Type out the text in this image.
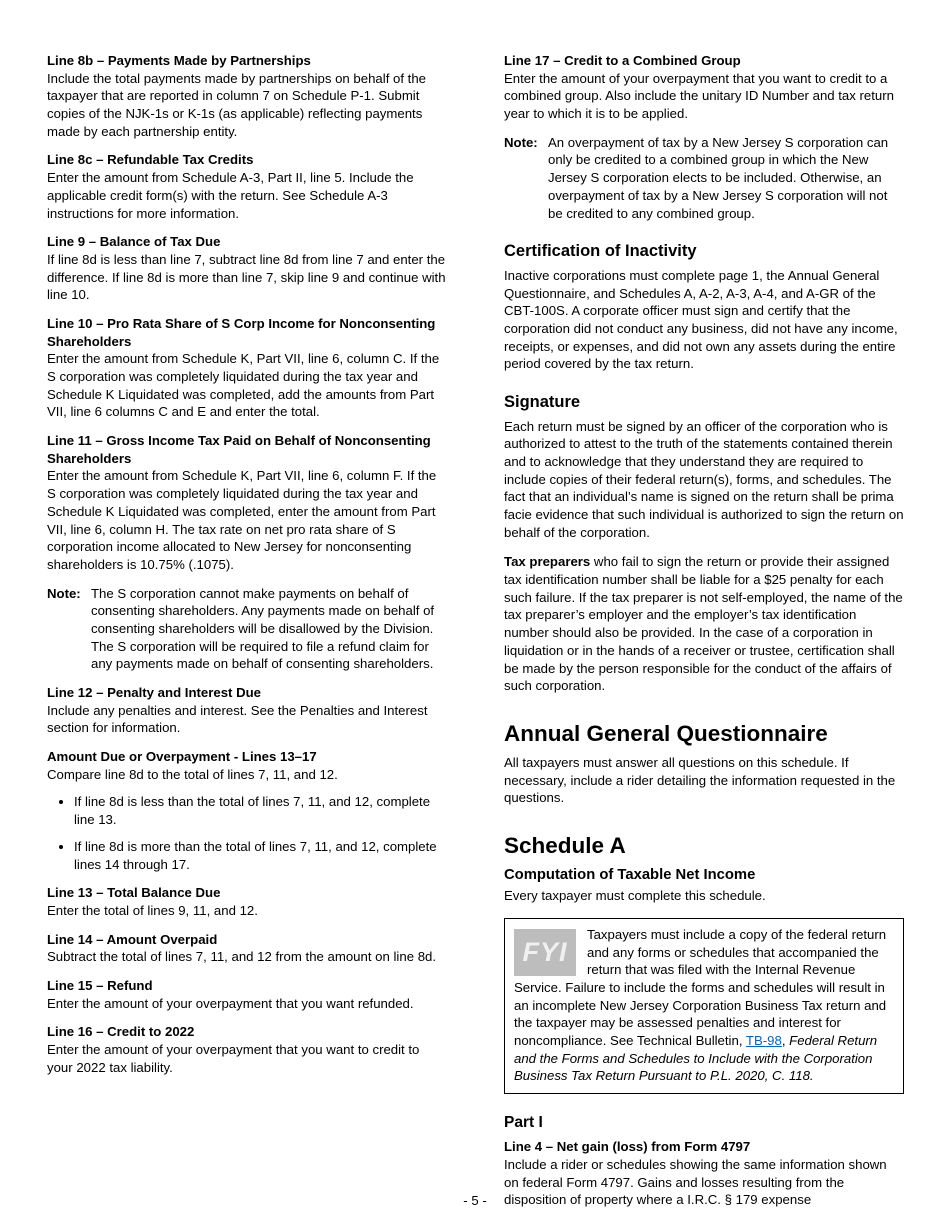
Line 8b – Payments Made by Partnerships

Include the total payments made by partnerships on behalf of the taxpayer that are reported in column 7 on Schedule P-1. Submit copies of the NJK-1s or K-1s (as applicable) reflecting payments made by each partnership entity.

Line 8c – Refundable Tax Credits

Enter the amount from Schedule A-3, Part II, line 5. Include the applicable credit form(s) with the return. See Schedule A-3 instructions for more information.

Line 9 – Balance of Tax Due

If line 8d is less than line 7, subtract line 8d from line 7 and enter the difference. If line 8d is more than line 7, skip line 9 and continue with line 10.

Line 10 – Pro Rata Share of S Corp Income for Nonconsenting Shareholders

Enter the amount from Schedule K, Part VII, line 6, column C. If the S corporation was completely liquidated during the tax year and Schedule K Liquidated was completed, add the amounts from Part VII, line 6 columns C and E and enter the total.

Line 11 – Gross Income Tax Paid on Behalf of Nonconsenting Shareholders

Enter the amount from Schedule K, Part VII, line 6, column F. If the S corporation was completely liquidated during the tax year and Schedule K Liquidated was completed, enter the amount from Part VII, line 6, column H. The tax rate on net pro rata share of S corporation income allocated to New Jersey for nonconsenting shareholders is 10.75% (.1075).

Note: The S corporation cannot make payments on behalf of consenting shareholders. Any payments made on behalf of consenting shareholders will be disallowed by the Division. The S corporation will be required to file a refund claim for any payments made on behalf of consenting shareholders.
Line 12 – Penalty and Interest Due

Include any penalties and interest. See the Penalties and Interest section for information.

Amount Due or Overpayment - Lines 13–17

Compare line 8d to the total of lines 7, 11, and 12.

• If line 8d is less than the total of lines 7, 11, and 12, complete line 13.
• If line 8d is more than the total of lines 7, 11, and 12, complete lines 14 through 17.
Line 13 – Total Balance Due

Enter the total of lines 9, 11, and 12.

Line 14 – Amount Overpaid

Subtract the total of lines 7, 11, and 12 from the amount on line 8d.

Line 15 – Refund

Enter the amount of your overpayment that you want refunded.

Line 16 – Credit to 2022

Enter the amount of your overpayment that you want to credit to your 2022 tax liability.

Line 17 – Credit to a Combined Group

Enter the amount of your overpayment that you want to credit to a combined group. Also include the unitary ID Number and tax return year to which it is to be applied.

Note: An overpayment of tax by a New Jersey S corporation can only be credited to a combined group in which the New Jersey S corporation elects to be included. Otherwise, an overpayment of tax by a New Jersey S corporation will not be credited to any combined group.
Certification of Inactivity

Inactive corporations must complete page 1, the Annual General Questionnaire, and Schedules A, A-2, A-3, A-4, and A-GR of the CBT-100S. A corporate officer must sign and certify that the corporation did not conduct any business, did not have any income, receipts, or expenses, and did not own any assets during the entire period covered by the tax return.

Signature

Each return must be signed by an officer of the corporation who is authorized to attest to the truth of the statements contained therein and to acknowledge that they understand they are required to include copies of their federal return(s), forms, and schedules. The fact that an individual’s name is signed on the return shall be prima facie evidence that such individual is authorized to sign the return on behalf of the corporation.

Tax preparers who fail to sign the return or provide their assigned tax identification number shall be liable for a $25 penalty for each such failure. If the tax preparer is not self-employed, the name of the tax preparer’s employer and the employer’s tax identification number should also be provided. In the case of a corporation in liquidation or in the hands of a receiver or trustee, certification shall be made by the person responsible for the conduct of the affairs of such corporation.

Annual General Questionnaire

All taxpayers must answer all questions on this schedule. If necessary, include a rider detailing the information requested in the questions.

Schedule A
Computation of Taxable Net Income

Every taxpayer must complete this schedule.

FYI
Taxpayers must include a copy of the federal return and any forms or schedules that accompanied the return that was filed with the Internal Revenue Service. Failure to include the forms and schedules will result in an incomplete New Jersey Corporation Business Tax return and the taxpayer may be assessed penalties and interest for noncompliance. See Technical Bulletin, TB-98, Federal Return and the Forms and Schedules to Include with the Corporation Business Tax Return Pursuant to P.L. 2020, C. 118.
Part I
Line 4 – Net gain (loss) from Form 4797

Include a rider or schedules showing the same information shown on federal Form 4797. Gains and losses resulting from the disposition of property where a I.R.C. § 179 expense

- 5 -
